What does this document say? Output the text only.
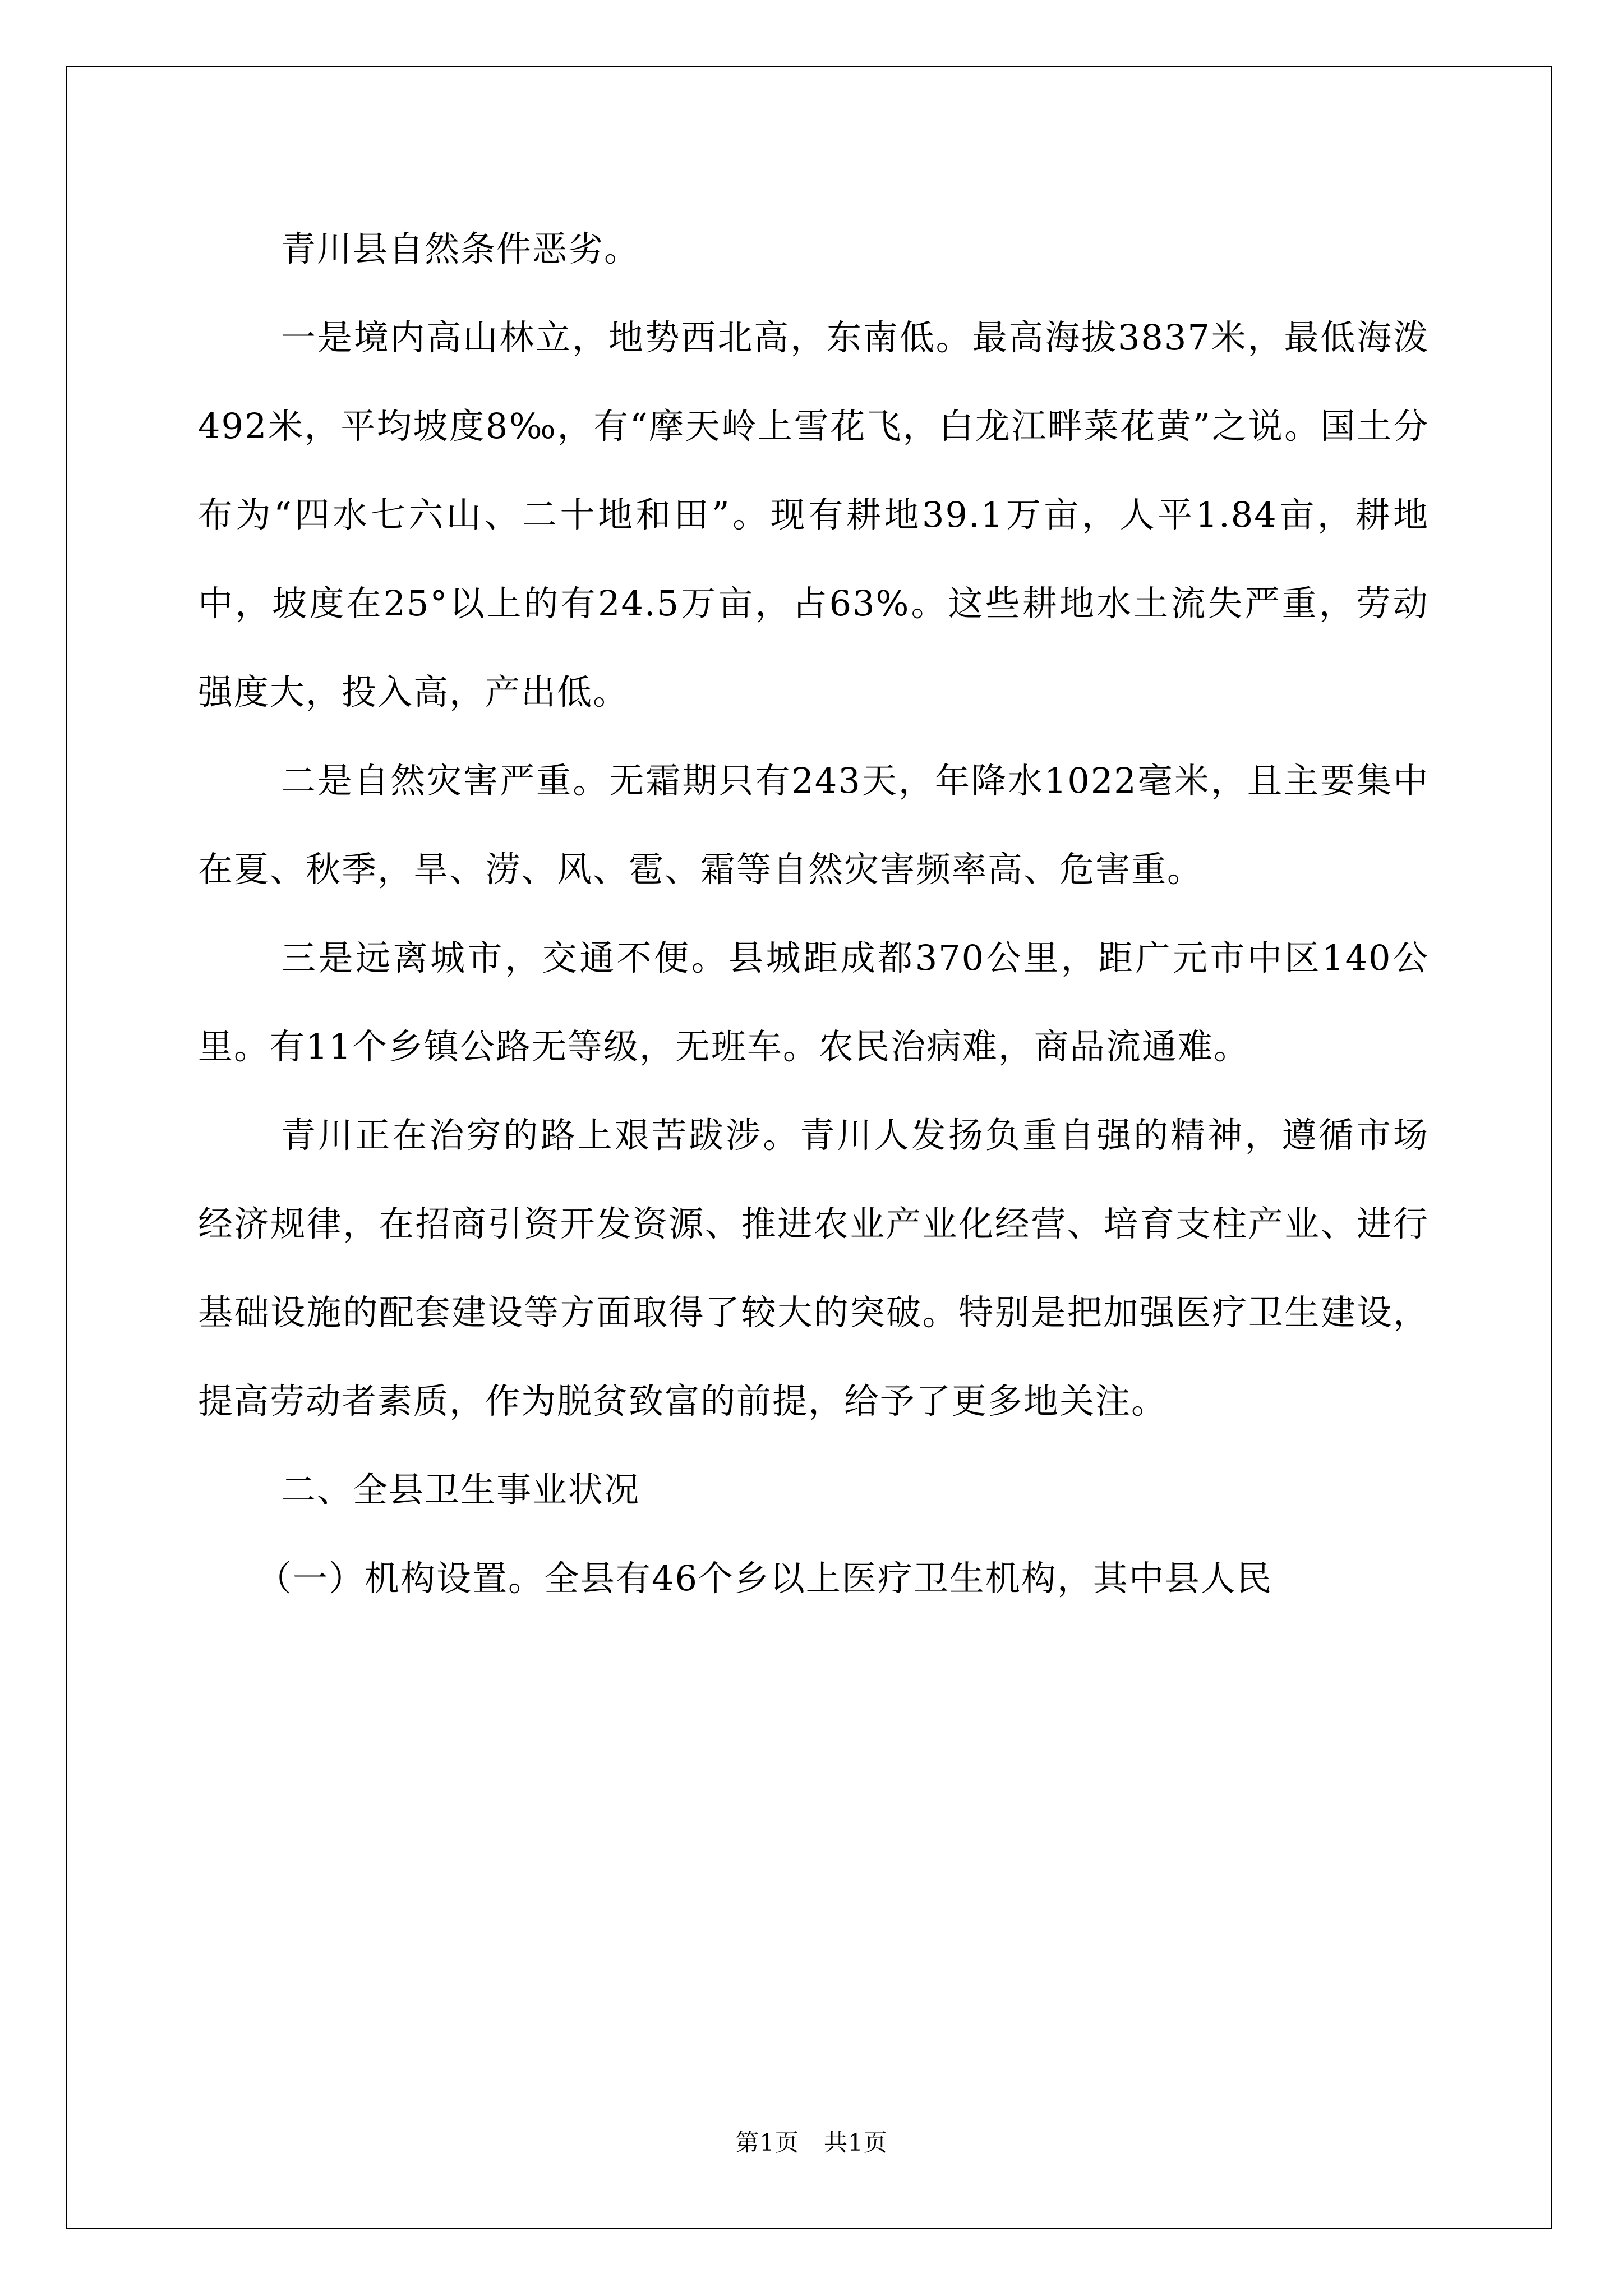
青川县自然条件恶劣。

一是境内高山林立，地势西北高，东南低。最高海拔3837米，最低海泼492米，平均坡度8‰，有“摩天岭上雪花飞，白龙江畔菜花黄”之说。国土分布为“四水七六山、二十地和田”。现有耕地39.1万亩，人平1.84亩，耕地中，坡度在25°以上的有24.5万亩，占63%。这些耕地水土流失严重，劳动强度大，投入高，产出低。

二是自然灾害严重。无霜期只有243天，年降水1022毫米，且主要集中在夏、秋季，旱、涝、风、雹、霜等自然灾害频率高、危害重。

三是远离城市，交通不便。县城距成都370公里，距广元市中区140公里。有11个乡镇公路无等级，无班车。农民治病难，商品流通难。

青川正在治穷的路上艰苦跋涉。青川人发扬负重自强的精神，遵循市场经济规律，在招商引资开发资源、推进农业产业化经营、培育支柱产业、进行基础设施的配套建设等方面取得了较大的突破。特别是把加强医疗卫生建设，提高劳动者素质，作为脱贫致富的前提，给予了更多地关注。

二、全县卫生事业状况

（一）机构设置。全县有46个乡以上医疗卫生机构，其中县人民

第1页 共1页
